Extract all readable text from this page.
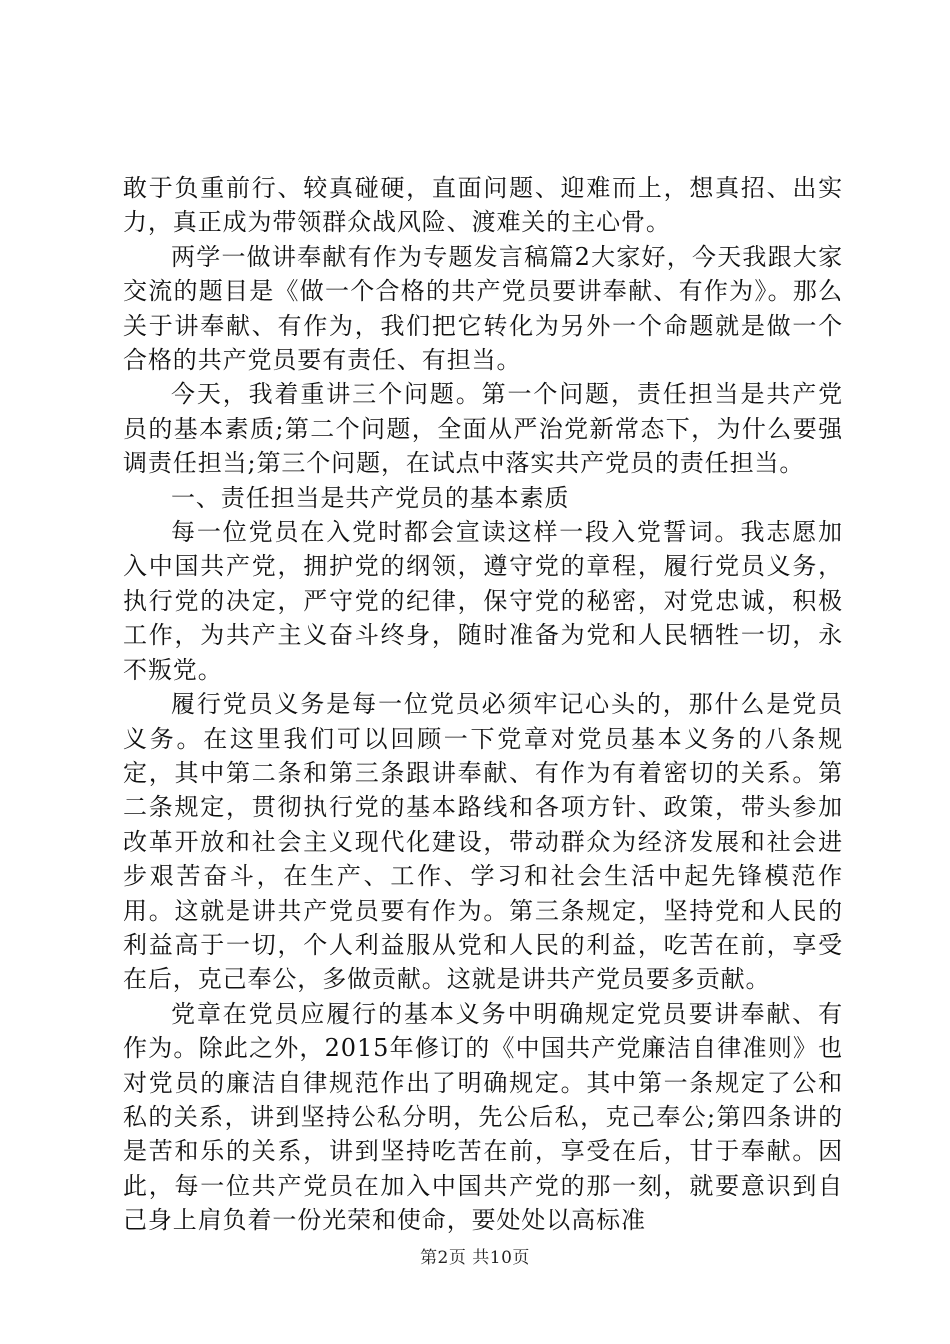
敢于负重前行、较真碰硬，直面问题、迎难而上，想真招、出实力，真正成为带领群众战风险、渡难关的主心骨。

两学一做讲奉献有作为专题发言稿篇2大家好，今天我跟大家交流的题目是《做一个合格的共产党员要讲奉献、有作为》。那么关于讲奉献、有作为，我们把它转化为另外一个命题就是做一个合格的共产党员要有责任、有担当。

今天，我着重讲三个问题。第一个问题，责任担当是共产党员的基本素质;第二个问题，全面从严治党新常态下，为什么要强调责任担当;第三个问题，在试点中落实共产党员的责任担当。

一、责任担当是共产党员的基本素质

每一位党员在入党时都会宣读这样一段入党誓词。我志愿加入中国共产党，拥护党的纲领，遵守党的章程，履行党员义务，执行党的决定，严守党的纪律，保守党的秘密，对党忠诚，积极工作，为共产主义奋斗终身，随时准备为党和人民牺牲一切，永不叛党。

履行党员义务是每一位党员必须牢记心头的，那什么是党员义务。在这里我们可以回顾一下党章对党员基本义务的八条规定，其中第二条和第三条跟讲奉献、有作为有着密切的关系。第二条规定，贯彻执行党的基本路线和各项方针、政策，带头参加改革开放和社会主义现代化建设，带动群众为经济发展和社会进步艰苦奋斗，在生产、工作、学习和社会生活中起先锋模范作用。这就是讲共产党员要有作为。第三条规定，坚持党和人民的利益高于一切，个人利益服从党和人民的利益，吃苦在前，享受在后，克己奉公，多做贡献。这就是讲共产党员要多贡献。

党章在党员应履行的基本义务中明确规定党员要讲奉献、有作为。除此之外，2015年修订的《中国共产党廉洁自律准则》也对党员的廉洁自律规范作出了明确规定。其中第一条规定了公和私的关系，讲到坚持公私分明，先公后私，克己奉公;第四条讲的是苦和乐的关系，讲到坚持吃苦在前，享受在后，甘于奉献。因此，每一位共产党员在加入中国共产党的那一刻，就要意识到自己身上肩负着一份光荣和使命，要处处以高标准

第2页 共10页
